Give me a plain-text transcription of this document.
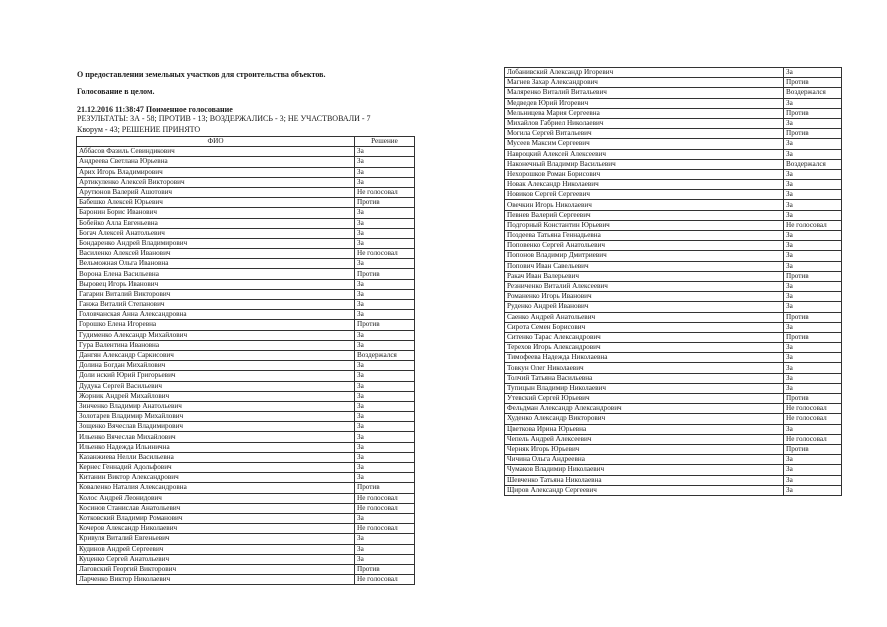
О предоставлении земельных участков для строительства объектов.
Голосование в целом.
21.12.2016 11:38:47 Поименное голосование
РЕЗУЛЬТАТЫ: ЗА - 58; ПРОТИВ - 13; ВОЗДЕРЖАЛИСЬ - 3; НЕ УЧАСТВОВАЛИ - 7
Кворум - 43; РЕШЕНИЕ ПРИНЯТО
ФИО	Решение
Аббасов Фазиль Севиндикович	За
Андреева Светлана Юрьевна	За
Арих Игорь Владимирович	За
Артикуленко Алексей Викторович	За
Арутюнов Валерий Ашотович	Не голосовал
Бабешко Алексей Юрьевич	Против
Баронин Борис Иванович	За
Бобейко Алла Евгеньевна	За
Богач Алексей Анатольевич	За
Бондаренко Андрей Владимирович	За
Василенко Алексей Иванович	Не голосовал
Вельможная Ольга Ивановна	За
Ворона Елена Васильевна	Против
Выровец Игорь Иванович	За
Гагарин Виталий Викторович	За
Ганжа Виталий Степанович	За
Головчанская Анна Александровна	За
Горошко Елена Игоревна	Против
Гудименко Александр Михайлович	За
Гура Валентина Ивановна	За
Дангян Александр Саркисович	Воздержался
Долина Богдан Михайлович	За
Доли нский Юрий Григорьевич	За
Дудука Сергей Васильевич	За
Жорник Андрей Михайлович	За
Зинченко Владимир Анатольевич	За
Золотарев Владимир Михайлович	За
Зощенко Вячеслав Владимирович	За
Ильенко Вячеслав Михайлович	За
Ильенко Надежда Ильинична	За
Казанжиева Нелли Васильевна	За
Кернес Геннадий Адольфович	За
Китанин Виктор Александрович	За
Коваленко Наталия Александровна	Против
Колос Андрей Леонидович	Не голосовал
Косинов Станислав Анатольевич	Не голосовал
Котковский Владимир Романович	За
Кочеров Александр Николаевич	Не голосовал
Кривуля Виталий Евгеньевич	За
Кудинов Андрей Сергеевич	За
Куценко Сергей Анатольевич	За
Лаговский Георгий Викторович	Против
Ларченко Виктор Николаевич	Не голосовал
Лобанивский Александр Игоревич	За
Магнев Захар Александрович	Против
Маляренко Виталий Витальевич	Воздержался
Медведев Юрий Игоревич	За
Мельницева Мария Сергеевна	Против
Михайлов Габриел Николаевич	За
Могила Сергей Витальевич	Против
Мусеев Максим Сергеевич	За
Навроцкий Алексей Алексеевич	За
Наконечный Владимир Васильевич	Воздержался
Нехорошков Роман Борисович	За
Новак Александр Николаевич	За
Новиков Сергей Сергеевич	За
Овечкин Игорь Николаевич	За
Певнев Валерий Сергеевич	За
Подгорный Константин Юрьевич	Не голосовал
Поздеева Татьяна Геннадьевна	За
Поповенко Сергей Анатольевич	За
Попонов Владимир Дмитриевич	За
Попович Иван Савельевич	За
Ракач Иван Валерьевич	Против
Резниченко Виталий Алексеевич	За
Романенко Игорь Иванович	За
Руденко Андрей Иванович	За
Саенко Андрей Анатольевич	Против
Сирота Семен Борисович	За
Ситенко Тарас Александрович	Против
Терехов Игорь Александрович	За
Тимофеева Надежда Николаевна	За
Товкун Олег Николаевич	За
Толчий Татьяна Васильевна	За
Тупицын Владимир Николаевич	За
Утевский Сергей Юрьевич	Против
Фельдман Александр Александрович	Не голосовал
Худенко Александр Викторович	Не голосовал
Цветкова Ирина Юрьевна	За
Чепель Андрей Алексеевич	Не голосовал
Черняк Игорь Юрьевич	Против
Чичина Ольга Андреевна	За
Чумаков Владимир Николаевич	За
Шевченко Татьяна Николаевна	За
Щиров Александр Сергеевич	За
